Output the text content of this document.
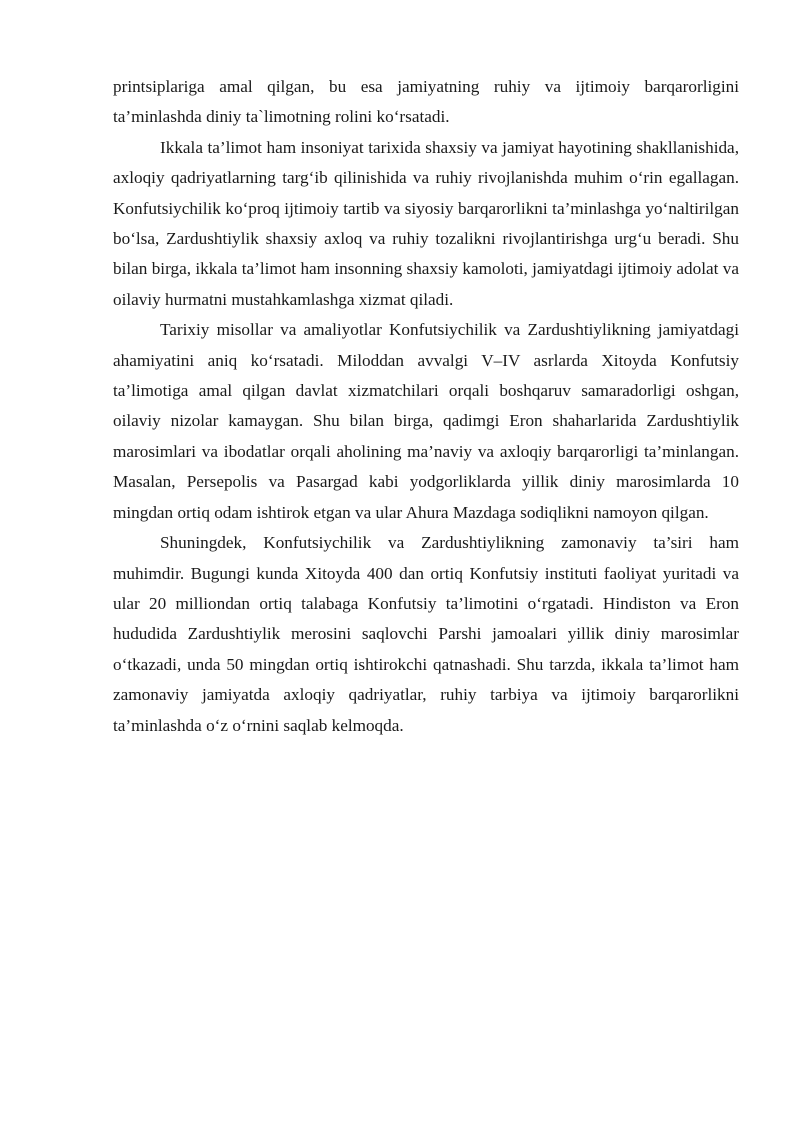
printsiplariga amal qilgan, bu esa jamiyatning ruhiy va ijtimoiy barqarorligini ta’minlashda diniy ta`limotning rolini ko‘rsatadi.

Ikkala ta’limot ham insoniyat tarixida shaxsiy va jamiyat hayotining shakllanishida, axloqiy qadriyatlarning targ‘ib qilinishida va ruhiy rivojlanishda muhim o‘rin egallagan. Konfutsiychilik ko‘proq ijtimoiy tartib va siyosiy barqarorlikni ta’minlashga yo‘naltirilgan bo‘lsa, Zardushtiylik shaxsiy axloq va ruhiy tozalikni rivojlantirishga urg‘u beradi. Shu bilan birga, ikkala ta’limot ham insonning shaxsiy kamoloti, jamiyatdagi ijtimoiy adolat va oilaviy hurmatni mustahkamlashga xizmat qiladi.

Tarixiy misollar va amaliyotlar Konfutsiychilik va Zardushtiylikning jamiyatdagi ahamiyatini aniq ko‘rsatadi. Miloddan avvalgi V–IV asrlarda Xitoyda Konfutsiy ta’limotiga amal qilgan davlat xizmatchilari orqali boshqaruv samaradorligi oshgan, oilaviy nizolar kamaygan. Shu bilan birga, qadimgi Eron shaharlarida Zardushtiylik marosimlari va ibodatlar orqali aholining ma’naviy va axloqiy barqarorligi ta’minlangan. Masalan, Persepolis va Pasargad kabi yodgorliklarda yillik diniy marosimlarda 10 mingdan ortiq odam ishtirok etgan va ular Ahura Mazdaga sodiqlikni namoyon qilgan.

Shuningdek, Konfutsiychilik va Zardushtiylikning zamonaviy ta’siri ham muhimdir. Bugungi kunda Xitoyda 400 dan ortiq Konfutsiy instituti faoliyat yuritadi va ular 20 milliondan ortiq talabaga Konfutsiy ta’limotini o‘rgatadi. Hindiston va Eron hududida Zardushtiylik merosini saqlovchi Parshi jamoalari yillik diniy marosimlar o‘tkazadi, unda 50 mingdan ortiq ishtirokchi qatnashadi. Shu tarzda, ikkala ta’limot ham zamonaviy jamiyatda axloqiy qadriyatlar, ruhiy tarbiya va ijtimoiy barqarorlikni ta’minlashda o‘z o‘rnini saqlab kelmoqda.
